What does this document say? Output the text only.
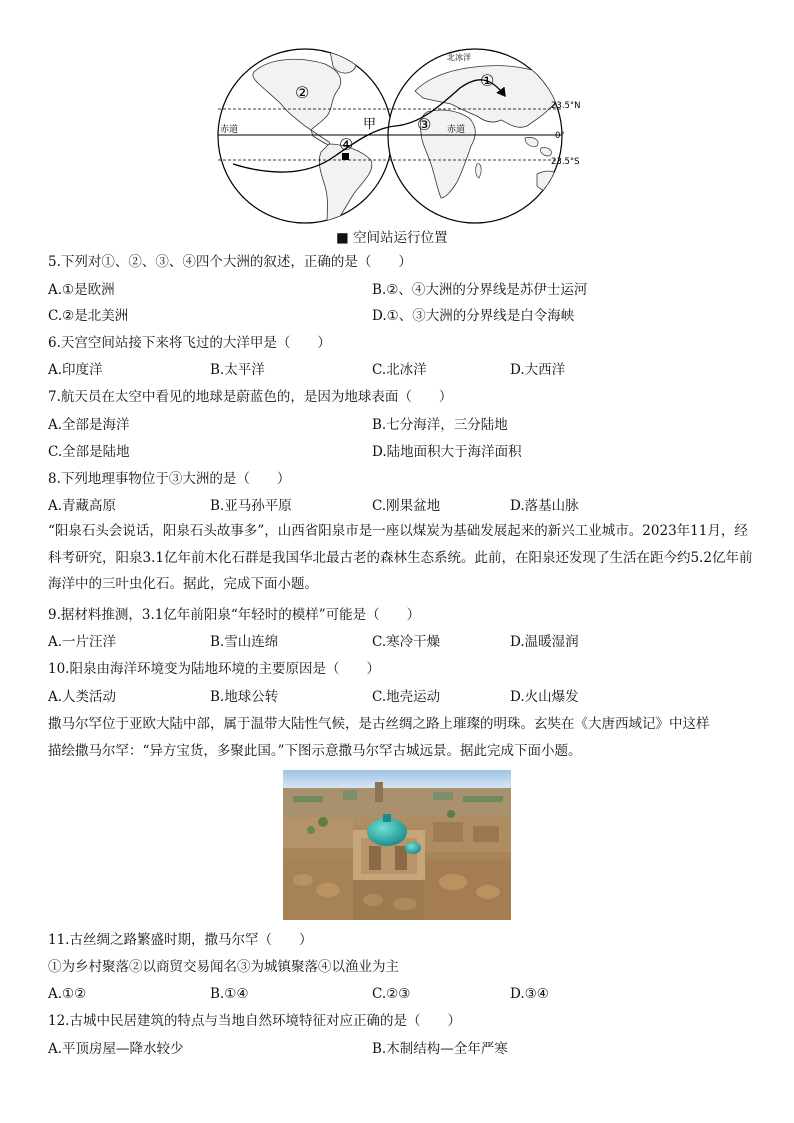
赤道	赤道
北冰洋
甲
②
④
①
③
23.5°N
0°
23.5°S
■ 空间站运行位置
5.下列对①、②、③、④四个大洲的叙述，正确的是（　　）
A.①是欧洲	B.②、④大洲的分界线是苏伊士运河
C.②是北美洲	D.①、③大洲的分界线是白令海峡
6.天宫空间站接下来将飞过的大洋甲是（　　）
A.印度洋	B.太平洋	C.北冰洋	D.大西洋
7.航天员在太空中看见的地球是蔚蓝色的，是因为地球表面（　　）
A.全部是海洋	B.七分海洋，三分陆地
C.全部是陆地	D.陆地面积大于海洋面积
8.下列地理事物位于③大洲的是（　　）
A.青藏高原	B.亚马孙平原	C.刚果盆地	D.落基山脉
“阳泉石头会说话，阳泉石头故事多”，山西省阳泉市是一座以煤炭为基础发展起来的新兴工业城市。2023年11月，经科考研究，阳泉3.1亿年前木化石群是我国华北最古老的森林生态系统。此前，在阳泉还发现了生活在距今约5.2亿年前海洋中的三叶虫化石。据此，完成下面小题。
9.据材料推测，3.1亿年前阳泉“年轻时的模样”可能是（　　）
A.一片汪洋	B.雪山连绵	C.寒冷干燥	D.温暖湿润
10.阳泉由海洋环境变为陆地环境的主要原因是（　　）
A.人类活动	B.地球公转	C.地壳运动	D.火山爆发
撒马尔罕位于亚欧大陆中部，属于温带大陆性气候，是古丝绸之路上璀璨的明珠。玄奘在《大唐西域记》中这样
描绘撒马尔罕：“异方宝货，多聚此国。”下图示意撒马尔罕古城远景。据此完成下面小题。
11.古丝绸之路繁盛时期，撒马尔罕（　　）
①为乡村聚落②以商贸交易闻名③为城镇聚落④以渔业为主
A.①②	B.①④	C.②③	D.③④
12.古城中民居建筑的特点与当地自然环境特征对应正确的是（　　）
A.平顶房屋—降水较少	B.木制结构—全年严寒
